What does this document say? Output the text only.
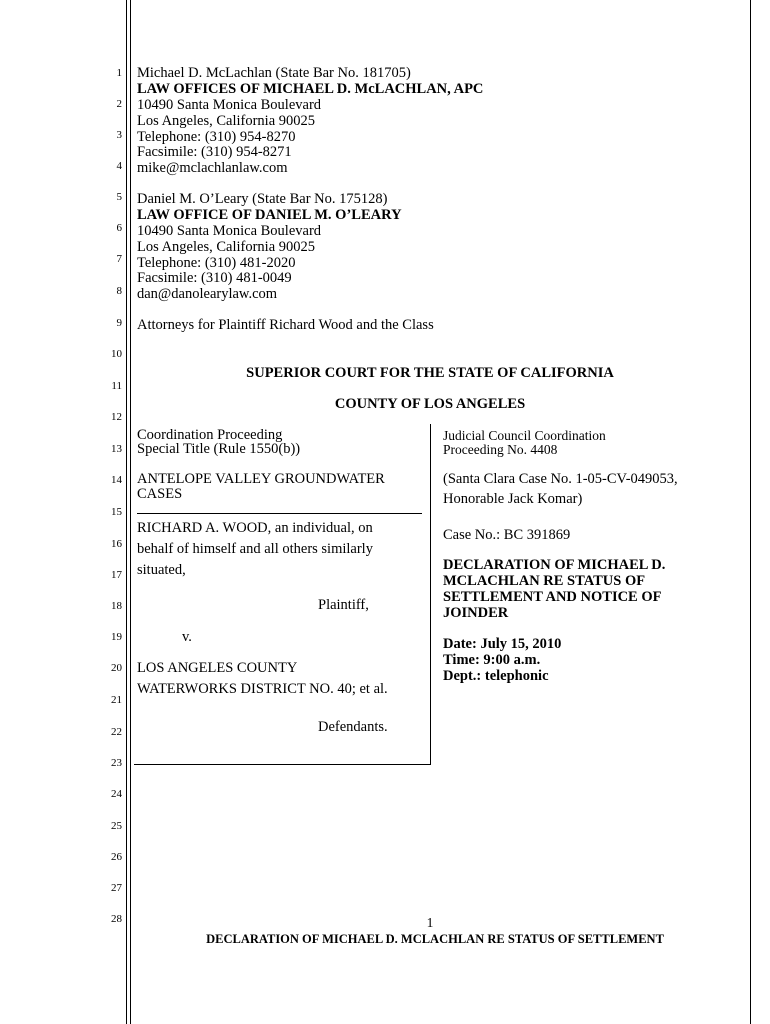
1
2
3
4
5
6
7
8
9
10
11
12
13
14
15
16
17
18
19
20
21
22
23
24
25
26
27
28
Michael D. McLachlan (State Bar No. 181705)
LAW OFFICES OF MICHAEL D. McLACHLAN, APC
10490 Santa Monica Boulevard
Los Angeles, California 90025
Telephone: (310) 954-8270
Facsimile: (310) 954-8271
mike@mclachlanlaw.com
Daniel M. O’Leary (State Bar No. 175128)
LAW OFFICE OF DANIEL M. O’LEARY
10490 Santa Monica Boulevard
Los Angeles, California 90025
Telephone: (310) 481-2020
Facsimile: (310) 481-0049
dan@danolearylaw.com
Attorneys for Plaintiff Richard Wood and the Class
SUPERIOR COURT FOR THE STATE OF CALIFORNIA
COUNTY OF LOS ANGELES
Coordination Proceeding
Special Title (Rule 1550(b))
ANTELOPE VALLEY GROUNDWATER
CASES
RICHARD A. WOOD, an individual, on
behalf of himself and all others similarly
situated,
Plaintiff,
v.
LOS ANGELES COUNTY
WATERWORKS DISTRICT NO. 40; et al.
Defendants.
Judicial Council Coordination
Proceeding No. 4408
(Santa Clara Case No. 1-05-CV-049053,
Honorable Jack Komar)
Case No.: BC 391869
DECLARATION OF MICHAEL D.
MCLACHLAN RE STATUS OF
SETTLEMENT AND NOTICE OF
JOINDER
Date: July 15, 2010
Time: 9:00 a.m.
Dept.: telephonic
1
DECLARATION OF MICHAEL D. MCLACHLAN RE STATUS OF SETTLEMENT
